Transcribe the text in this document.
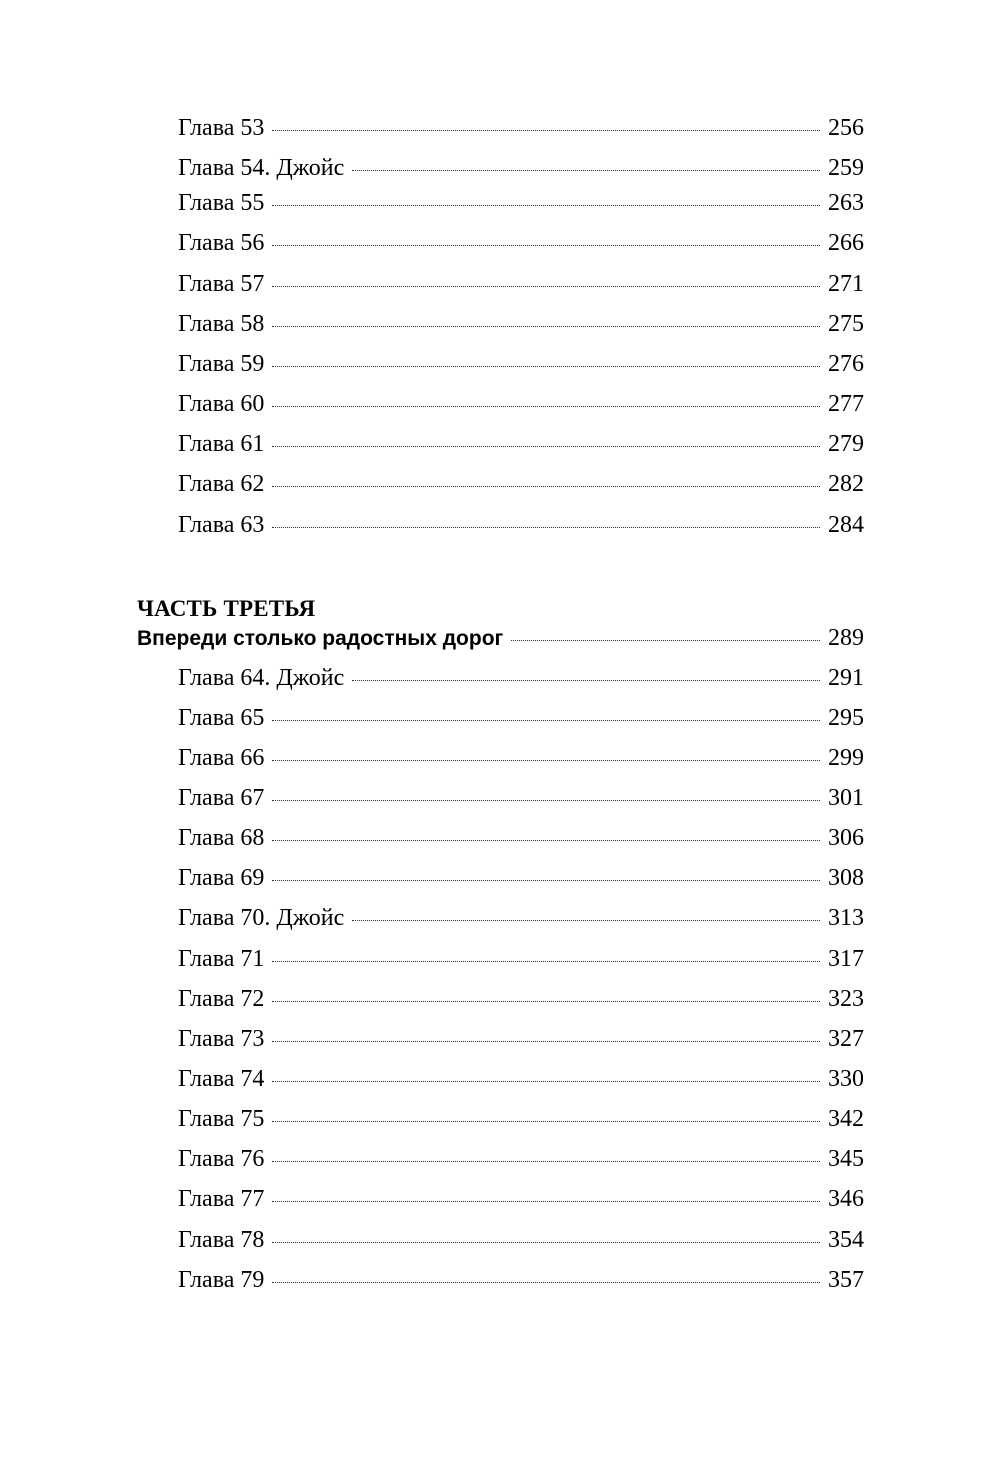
Глава 53	256
Глава 54. Джойс	259
Глава 55	263
Глава 56	266
Глава 57	271
Глава 58	275
Глава 59	276
Глава 60	277
Глава 61	279
Глава 62	282
Глава 63	284
ЧАСТЬ ТРЕТЬЯ
Впереди столько радостных дорог	289
Глава 64. Джойс	291
Глава 65	295
Глава 66	299
Глава 67	301
Глава 68	306
Глава 69	308
Глава 70. Джойс	313
Глава 71	317
Глава 72	323
Глава 73	327
Глава 74	330
Глава 75	342
Глава 76	345
Глава 77	346
Глава 78	354
Глава 79	357
